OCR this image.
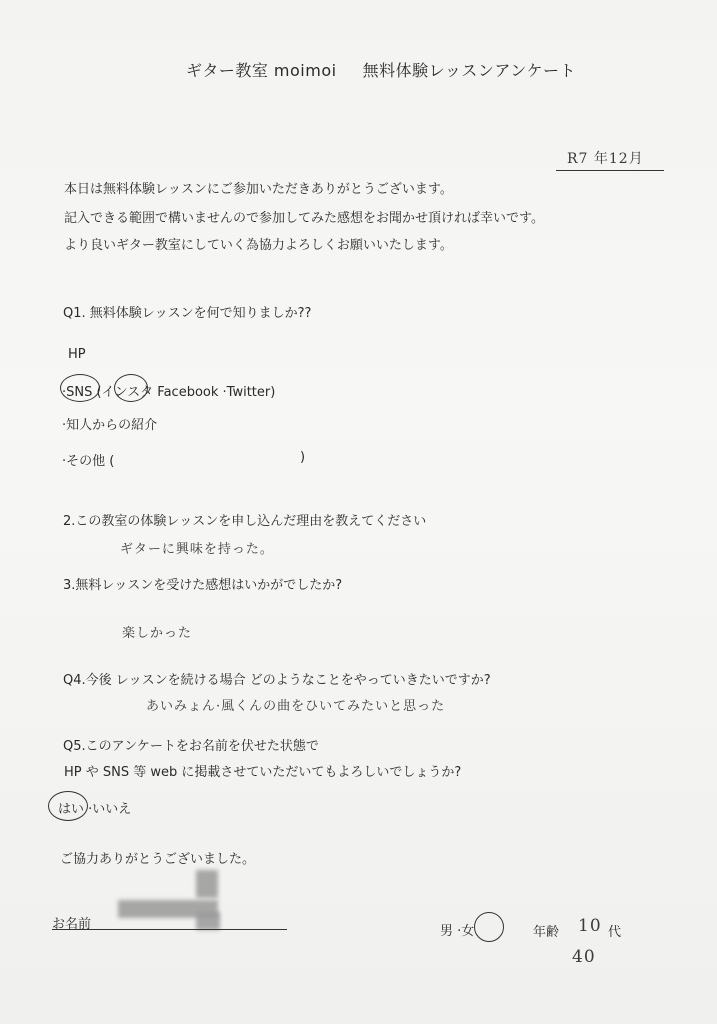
ギター教室 moimoi 無料体験レッスンアンケート
R7 年12月
本日は無料体験レッスンにご参加いただきありがとうございます。
記入できる範囲で構いませんので参加してみた感想をお聞かせ頂ければ幸いです。
より良いギター教室にしていく為協力よろしくお願いいたします。
Q1. 無料体験レッスンを何で知りましか??
HP
·SNS (インスタ Facebook ·Twitter)
·知人からの紹介
·その他 (	)
2.この教室の体験レッスンを申し込んだ理由を教えてください
ギターに興味を持った。
3.無料レッスンを受けた感想はいかがでしたか?
楽しかった
Q4.今後 レッスンを続ける場合 どのようなことをやっていきたいですか?
あいみょん·風くんの曲をひいてみたいと思った
Q5.このアンケートをお名前を伏せた状態で
HP や SNS 等 web に掲載させていただいてもよろしいでしょうか?
はい ·いいえ
ご協力ありがとうございました。
お名前	男 ·女	年齢 10 代
40
